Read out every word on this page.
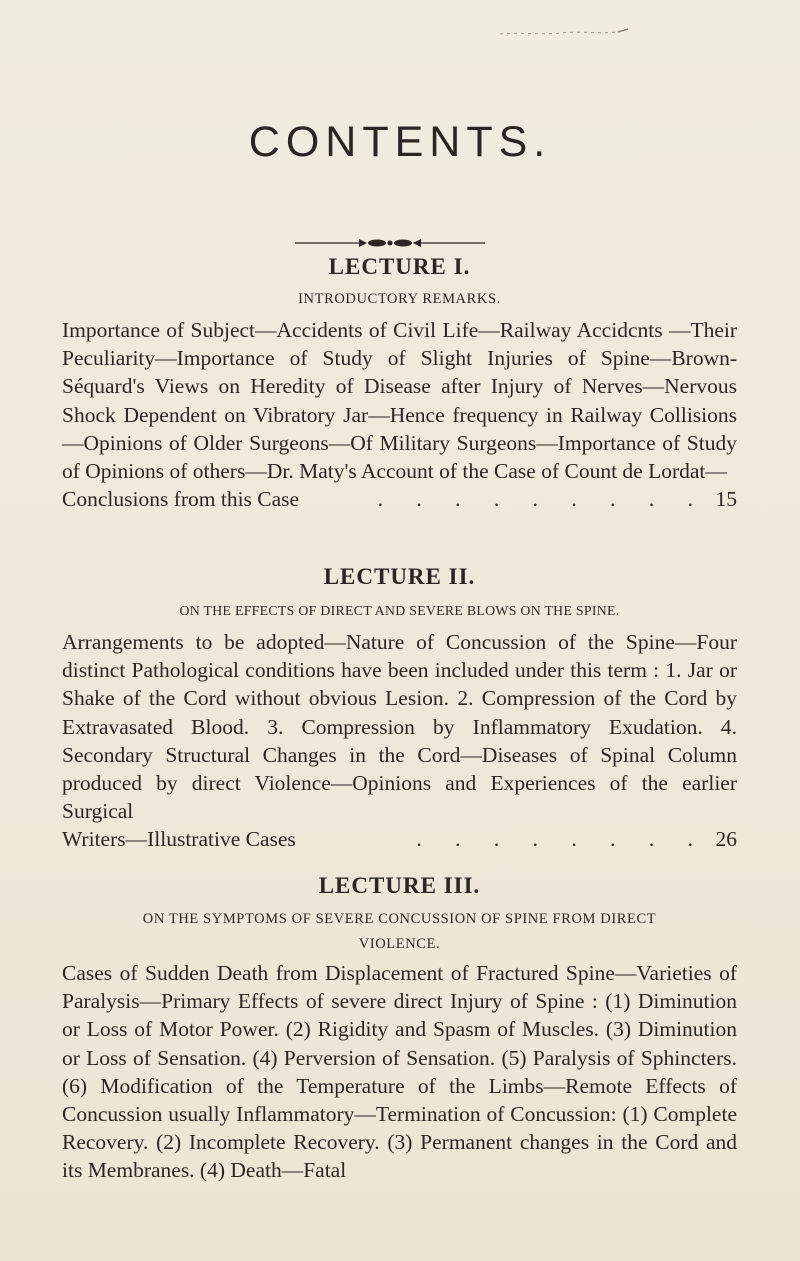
CONTENTS.
LECTURE I.

INTRODUCTORY REMARKS.

Importance of Subject—Accidents of Civil Life—Railway Accidcnts —Their Peculiarity—Importance of Study of Slight Injuries of Spine—Brown-Séquard's Views on Heredity of Disease after Injury of Nerves—Nervous Shock Dependent on Vibratory Jar—Hence frequency in Railway Collisions—Opinions of Older Surgeons—Of Military Surgeons—Importance of Study of Opinions of others—Dr. Maty's Account of the Case of Count de Lordat—

Conclusions from this Case	. . . . . . . . . 15
LECTURE II.

ON THE EFFECTS OF DIRECT AND SEVERE BLOWS ON THE SPINE.

Arrangements to be adopted—Nature of Concussion of the Spine—Four distinct Pathological conditions have been included under this term : 1. Jar or Shake of the Cord without obvious Lesion. 2. Compression of the Cord by Extravasated Blood. 3. Compression by Inflammatory Exudation. 4. Secondary Structural Changes in the Cord—Diseases of Spinal Column produced by direct Violence—Opinions and Experiences of the earlier Surgical

Writers—Illustrative Cases	. . . . . . . . 26
LECTURE III.

ON THE SYMPTOMS OF SEVERE CONCUSSION OF SPINE FROM DIRECT VIOLENCE.

Cases of Sudden Death from Displacement of Fractured Spine—Varieties of Paralysis—Primary Effects of severe direct Injury of Spine : (1) Diminution or Loss of Motor Power. (2) Rigidity and Spasm of Muscles. (3) Diminution or Loss of Sensation. (4) Perversion of Sensation. (5) Paralysis of Sphincters. (6) Modification of the Temperature of the Limbs—Remote Effects of Concussion usually Inflammatory—Termination of Concussion: (1) Complete Recovery. (2) Incomplete Recovery. (3) Permanent changes in the Cord and its Membranes. (4) Death—Fatal
